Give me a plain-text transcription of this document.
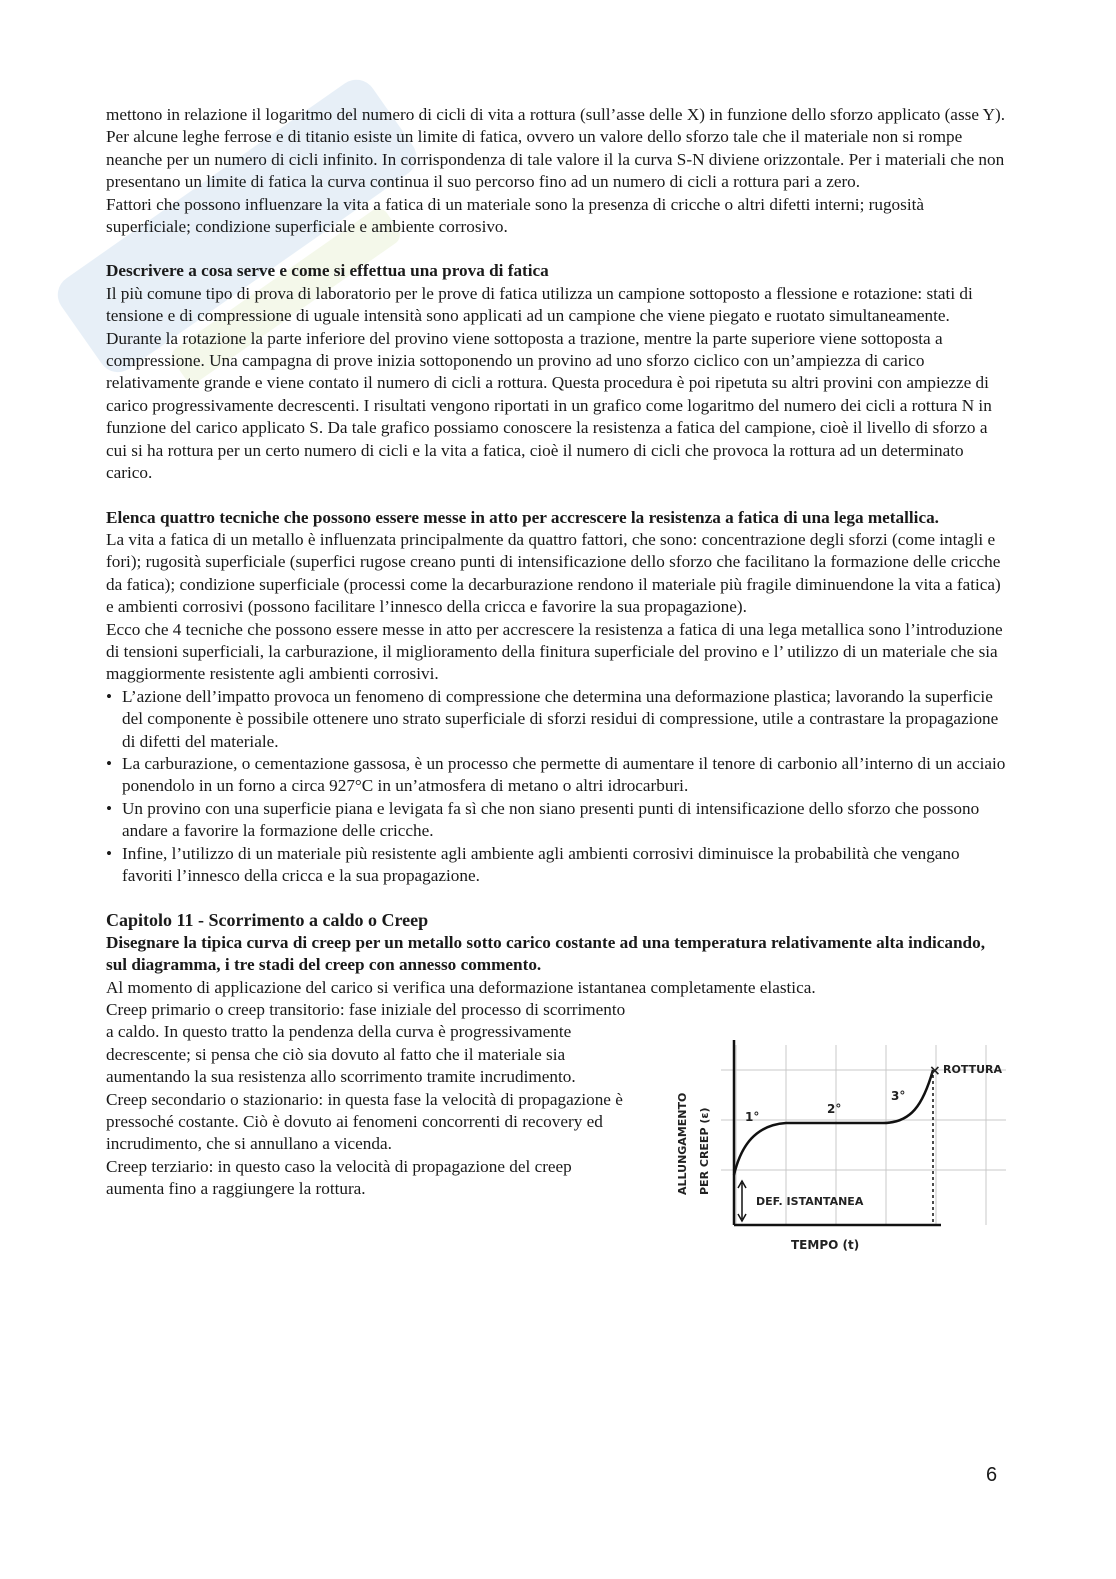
mettono in relazione il logaritmo del numero di cicli di vita a rottura (sull’asse delle X) in funzione dello sforzo applicato (asse Y).

Per alcune leghe ferrose e di titanio esiste un limite di fatica, ovvero un valore dello sforzo tale che il materiale non si rompe neanche per un numero di cicli infinito. In corrispondenza di tale valore il la curva S-N diviene orizzontale. Per i materiali che non presentano un limite di fatica la curva continua il suo percorso fino ad un numero di cicli a rottura pari a zero.

Fattori che possono influenzare la vita a fatica di un materiale sono la presenza di cricche o altri difetti interni; rugosità superficiale; condizione superficiale e ambiente corrosivo.

Descrivere a cosa serve e come si effettua una prova di fatica

Il più comune tipo di prova di laboratorio per le prove di fatica utilizza un campione sottoposto a flessione e rotazione: stati di tensione e di compressione di uguale intensità sono applicati ad un campione che viene piegato e ruotato simultaneamente. Durante la rotazione la parte inferiore del provino viene sottoposta a trazione, mentre la parte superiore viene sottoposta a compressione. Una campagna di prove inizia sottoponendo un provino ad uno sforzo ciclico con un’ampiezza di carico relativamente grande e viene contato il numero di cicli a rottura. Questa procedura è poi ripetuta su altri provini con ampiezze di carico progressivamente decrescenti. I risultati vengono riportati in un grafico come logaritmo del numero dei cicli a rottura N in funzione del carico applicato S. Da tale grafico possiamo conoscere la resistenza a fatica del campione, cioè il livello di sforzo a cui si ha rottura per un certo numero di cicli e la vita a fatica, cioè il numero di cicli che provoca la rottura ad un determinato carico.

Elenca quattro tecniche che possono essere messe in atto per accrescere la resistenza a fatica di una lega metallica.

La vita a fatica di un metallo è influenzata principalmente da quattro fattori, che sono: concentrazione degli sforzi (come intagli e fori); rugosità superficiale (superfici rugose creano punti di intensificazione dello sforzo che facilitano la formazione delle cricche da fatica); condizione superficiale (processi come la decarburazione rendono il materiale più fragile diminuendone la vita a fatica) e ambienti corrosivi (possono facilitare l’innesco della cricca e favorire la sua propagazione).

Ecco che 4 tecniche che possono essere messe in atto per accrescere la resistenza a fatica di una lega metallica sono l’introduzione di tensioni superficiali, la carburazione, il miglioramento della finitura superficiale del provino e l’ utilizzo di un materiale che sia maggiormente resistente agli ambienti corrosivi.

• L’azione dell’impatto provoca un fenomeno di compressione che determina una deformazione plastica; lavorando la superficie del componente è possibile ottenere uno strato superficiale di sforzi residui di compressione, utile a contrastare la propagazione di difetti del materiale.
• La carburazione, o cementazione gassosa, è un processo che permette di aumentare il tenore di carbonio all’interno di un acciaio ponendolo in un forno a circa 927°C in un’atmosfera di metano o altri idrocarburi.
• Un provino con una superficie piana e levigata fa sì che non siano presenti punti di intensificazione dello sforzo che possono andare a favorire la formazione delle cricche.
• Infine, l’utilizzo di un materiale più resistente agli ambiente agli ambienti corrosivi diminuisce la probabilità che vengano favoriti l’innesco della cricca e la sua propagazione.

Capitolo 11 - Scorrimento a caldo o Creep

Disegnare la tipica curva di creep per un metallo sotto carico costante ad una temperatura relativamente alta indicando, sul diagramma, i tre stadi del creep con annesso commento.

Al momento di applicazione del carico si verifica una deformazione istantanea completamente elastica.

Creep primario o creep transitorio: fase iniziale del processo di scorrimento a caldo. In questo tratto la pendenza della curva è progressivamente decrescente; si pensa che ciò sia dovuto al fatto che il materiale sia aumentando la sua resistenza allo scorrimento tramite incrudimento.

Creep secondario o stazionario: in questa fase la velocità di propagazione è pressoché costante. Ciò è dovuto ai fenomeni concorrenti di recovery ed incrudimento, che si annullano a vicenda.

Creep terziario: in questo caso la velocità di propagazione del creep aumenta fino a raggiungere la rottura.

× ROTTURA
1°
2°
3°
DEF. ISTANTANEA
TEMPO (t)
ALLUNGAMENTO PER CREEP (ε)
6
